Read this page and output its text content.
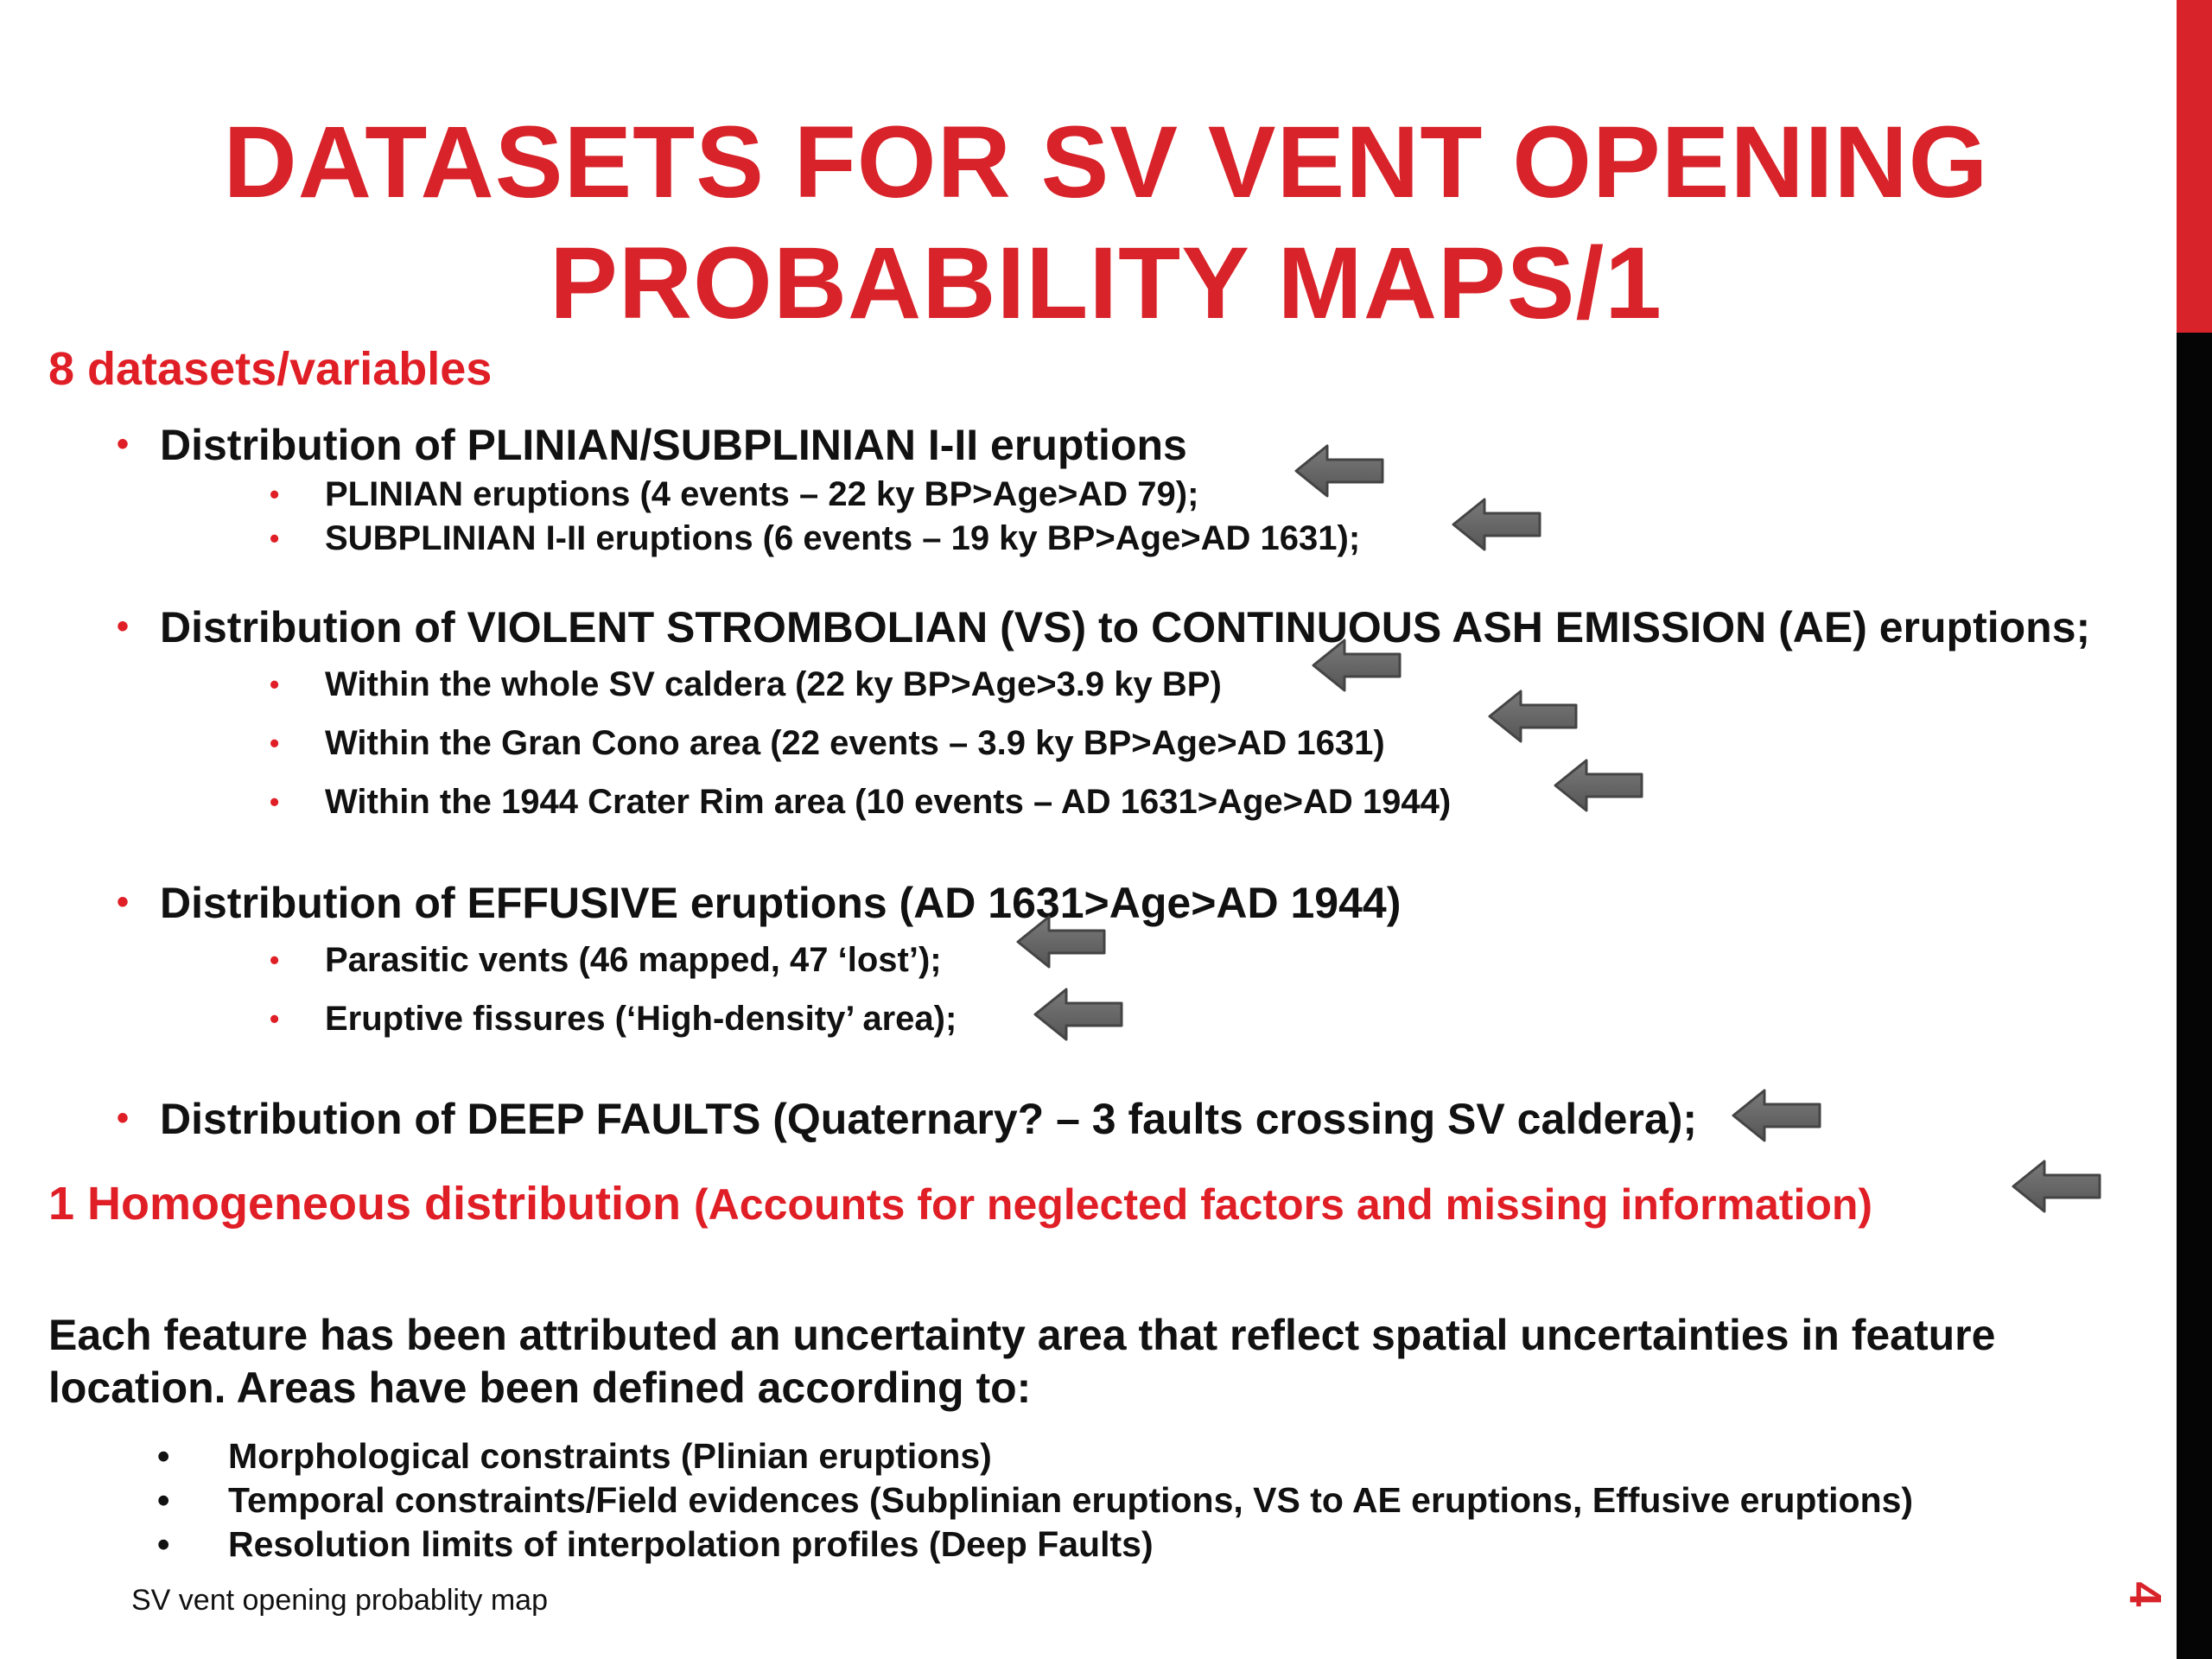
DATASETS FOR SV VENT OPENING PROBABILITY MAPS/1
8 datasets/variables
• Distribution of PLINIAN/SUBPLINIAN I-II eruptions
• PLINIAN eruptions (4 events – 22 ky BP>Age>AD 79);
• SUBPLINIAN I-II eruptions (6 events – 19 ky BP>Age>AD 1631);
• Distribution of VIOLENT STROMBOLIAN (VS) to CONTINUOUS ASH EMISSION (AE) eruptions;
• Within the whole SV caldera (22 ky BP>Age>3.9 ky BP)
• Within the Gran Cono area (22 events – 3.9 ky BP>Age>AD 1631)
• Within the 1944 Crater Rim area (10 events – AD 1631>Age>AD 1944)
• Distribution of EFFUSIVE eruptions (AD 1631>Age>AD 1944)
• Parasitic vents (46 mapped, 47 ‘lost’);
• Eruptive fissures (‘High-density’ area);
• Distribution of DEEP FAULTS (Quaternary? – 3 faults crossing SV caldera);
1 Homogeneous distribution (Accounts for neglected factors and missing information)
Each feature has been attributed an uncertainty area that reflect spatial uncertainties in feature location. Areas have been defined according to:
• Morphological constraints (Plinian eruptions)
• Temporal constraints/Field evidences (Subplinian eruptions, VS to AE eruptions, Effusive eruptions)
• Resolution limits of interpolation profiles (Deep Faults)
SV vent opening probablity map	4
